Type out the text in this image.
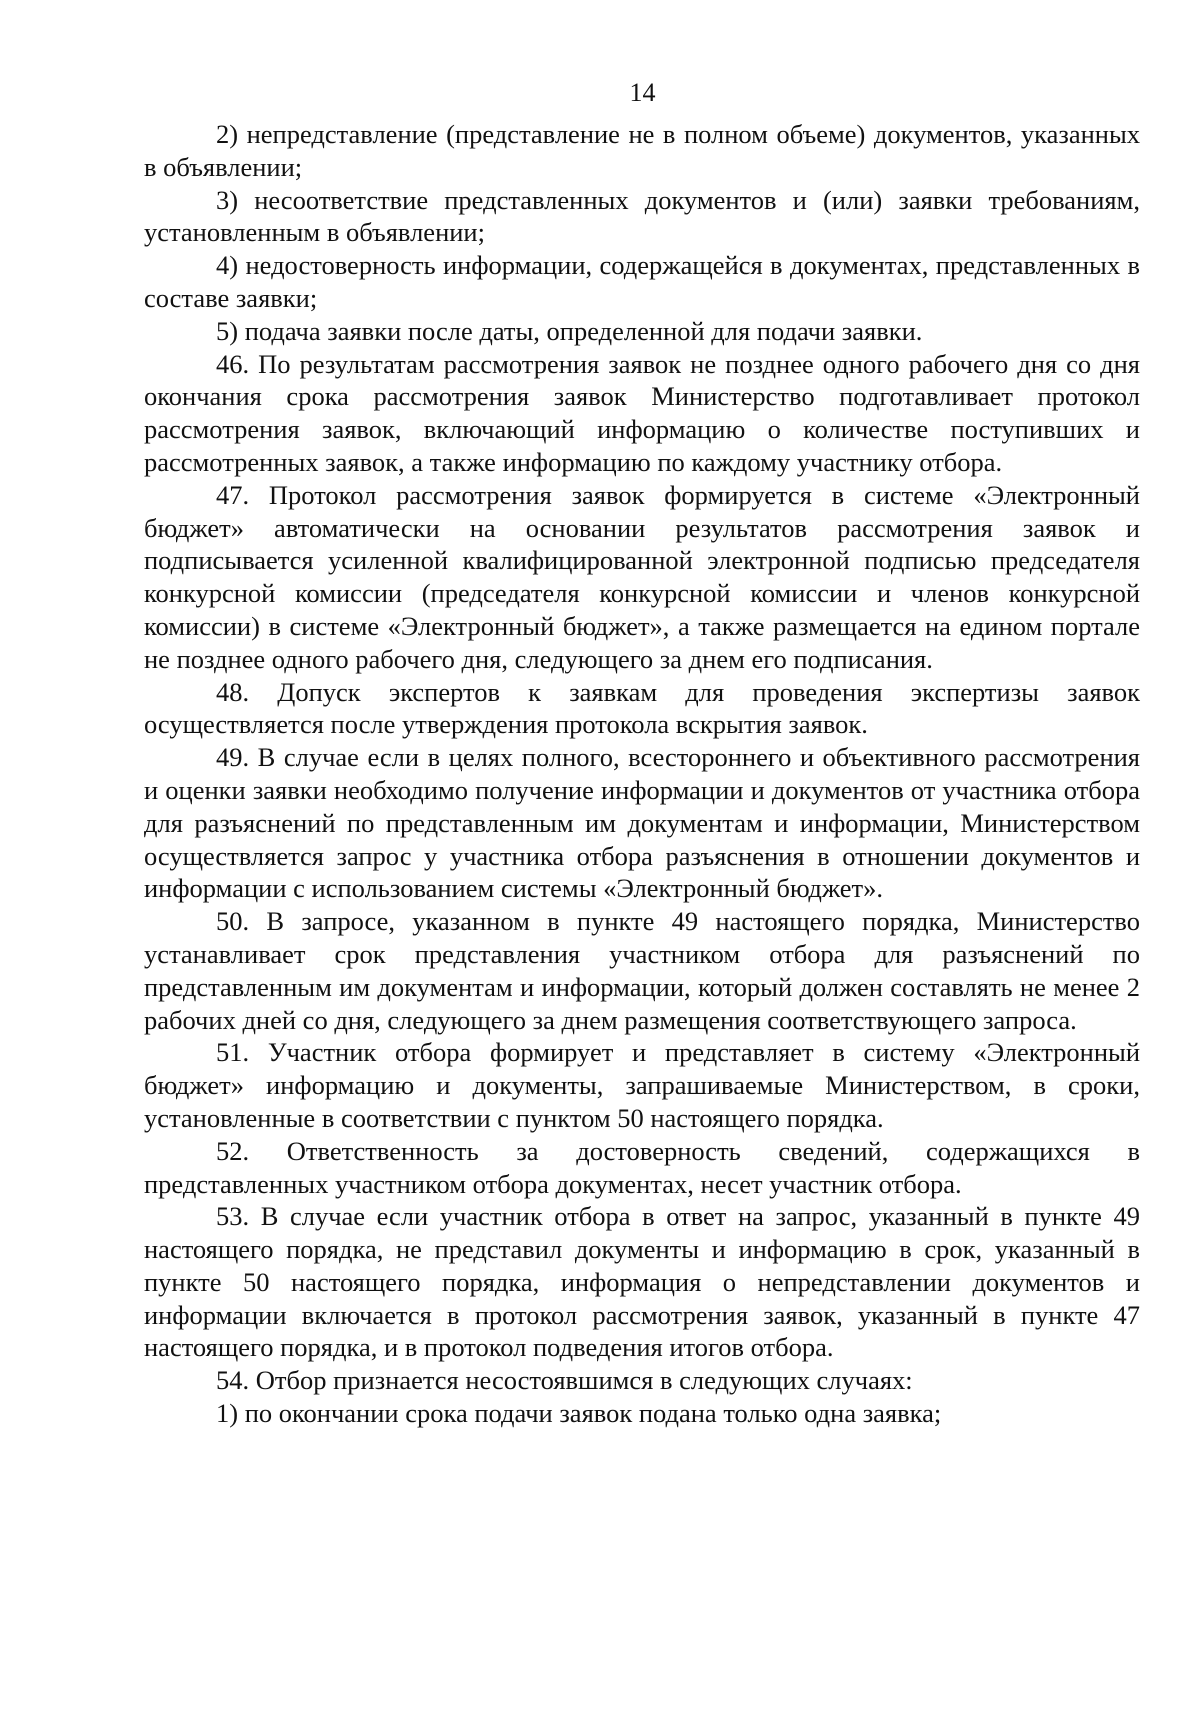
14

2) непредставление (представление не в полном объеме) документов, указанных в объявлении;

3) несоответствие представленных документов и (или) заявки требованиям, установленным в объявлении;

4) недостоверность информации, содержащейся в документах, представленных в составе заявки;

5) подача заявки после даты, определенной для подачи заявки.

46. По результатам рассмотрения заявок не позднее одного рабочего дня со дня окончания срока рассмотрения заявок Министерство подготавливает протокол рассмотрения заявок, включающий информацию о количестве поступивших и рассмотренных заявок, а также информацию по каждому участнику отбора.

47. Протокол рассмотрения заявок формируется в системе «Электронный бюджет» автоматически на основании результатов рассмотрения заявок и подписывается усиленной квалифицированной электронной подписью председателя конкурсной комиссии (председателя конкурсной комиссии и членов конкурсной комиссии) в системе «Электронный бюджет», а также размещается на едином портале не позднее одного рабочего дня, следующего за днем его подписания.

48. Допуск экспертов к заявкам для проведения экспертизы заявок осуществляется после утверждения протокола вскрытия заявок.

49. В случае если в целях полного, всестороннего и объективного рассмотрения и оценки заявки необходимо получение информации и документов от участника отбора для разъяснений по представленным им документам и информации, Министерством осуществляется запрос у участника отбора разъяснения в отношении документов и информации с использованием системы «Электронный бюджет».

50. В запросе, указанном в пункте 49 настоящего порядка, Министерство устанавливает срок представления участником отбора для разъяснений по представленным им документам и информации, который должен составлять не менее 2 рабочих дней со дня, следующего за днем размещения соответствующего запроса.

51. Участник отбора формирует и представляет в систему «Электронный бюджет» информацию и документы, запрашиваемые Министерством, в сроки, установленные в соответствии с пунктом 50 настоящего порядка.

52. Ответственность за достоверность сведений, содержащихся в представленных участником отбора документах, несет участник отбора.

53. В случае если участник отбора в ответ на запрос, указанный в пункте 49 настоящего порядка, не представил документы и информацию в срок, указанный в пункте 50 настоящего порядка, информация о непредставлении документов и информации включается в протокол рассмотрения заявок, указанный в пункте 47 настоящего порядка, и в протокол подведения итогов отбора.

54. Отбор признается несостоявшимся в следующих случаях:

1) по окончании срока подачи заявок подана только одна заявка;
